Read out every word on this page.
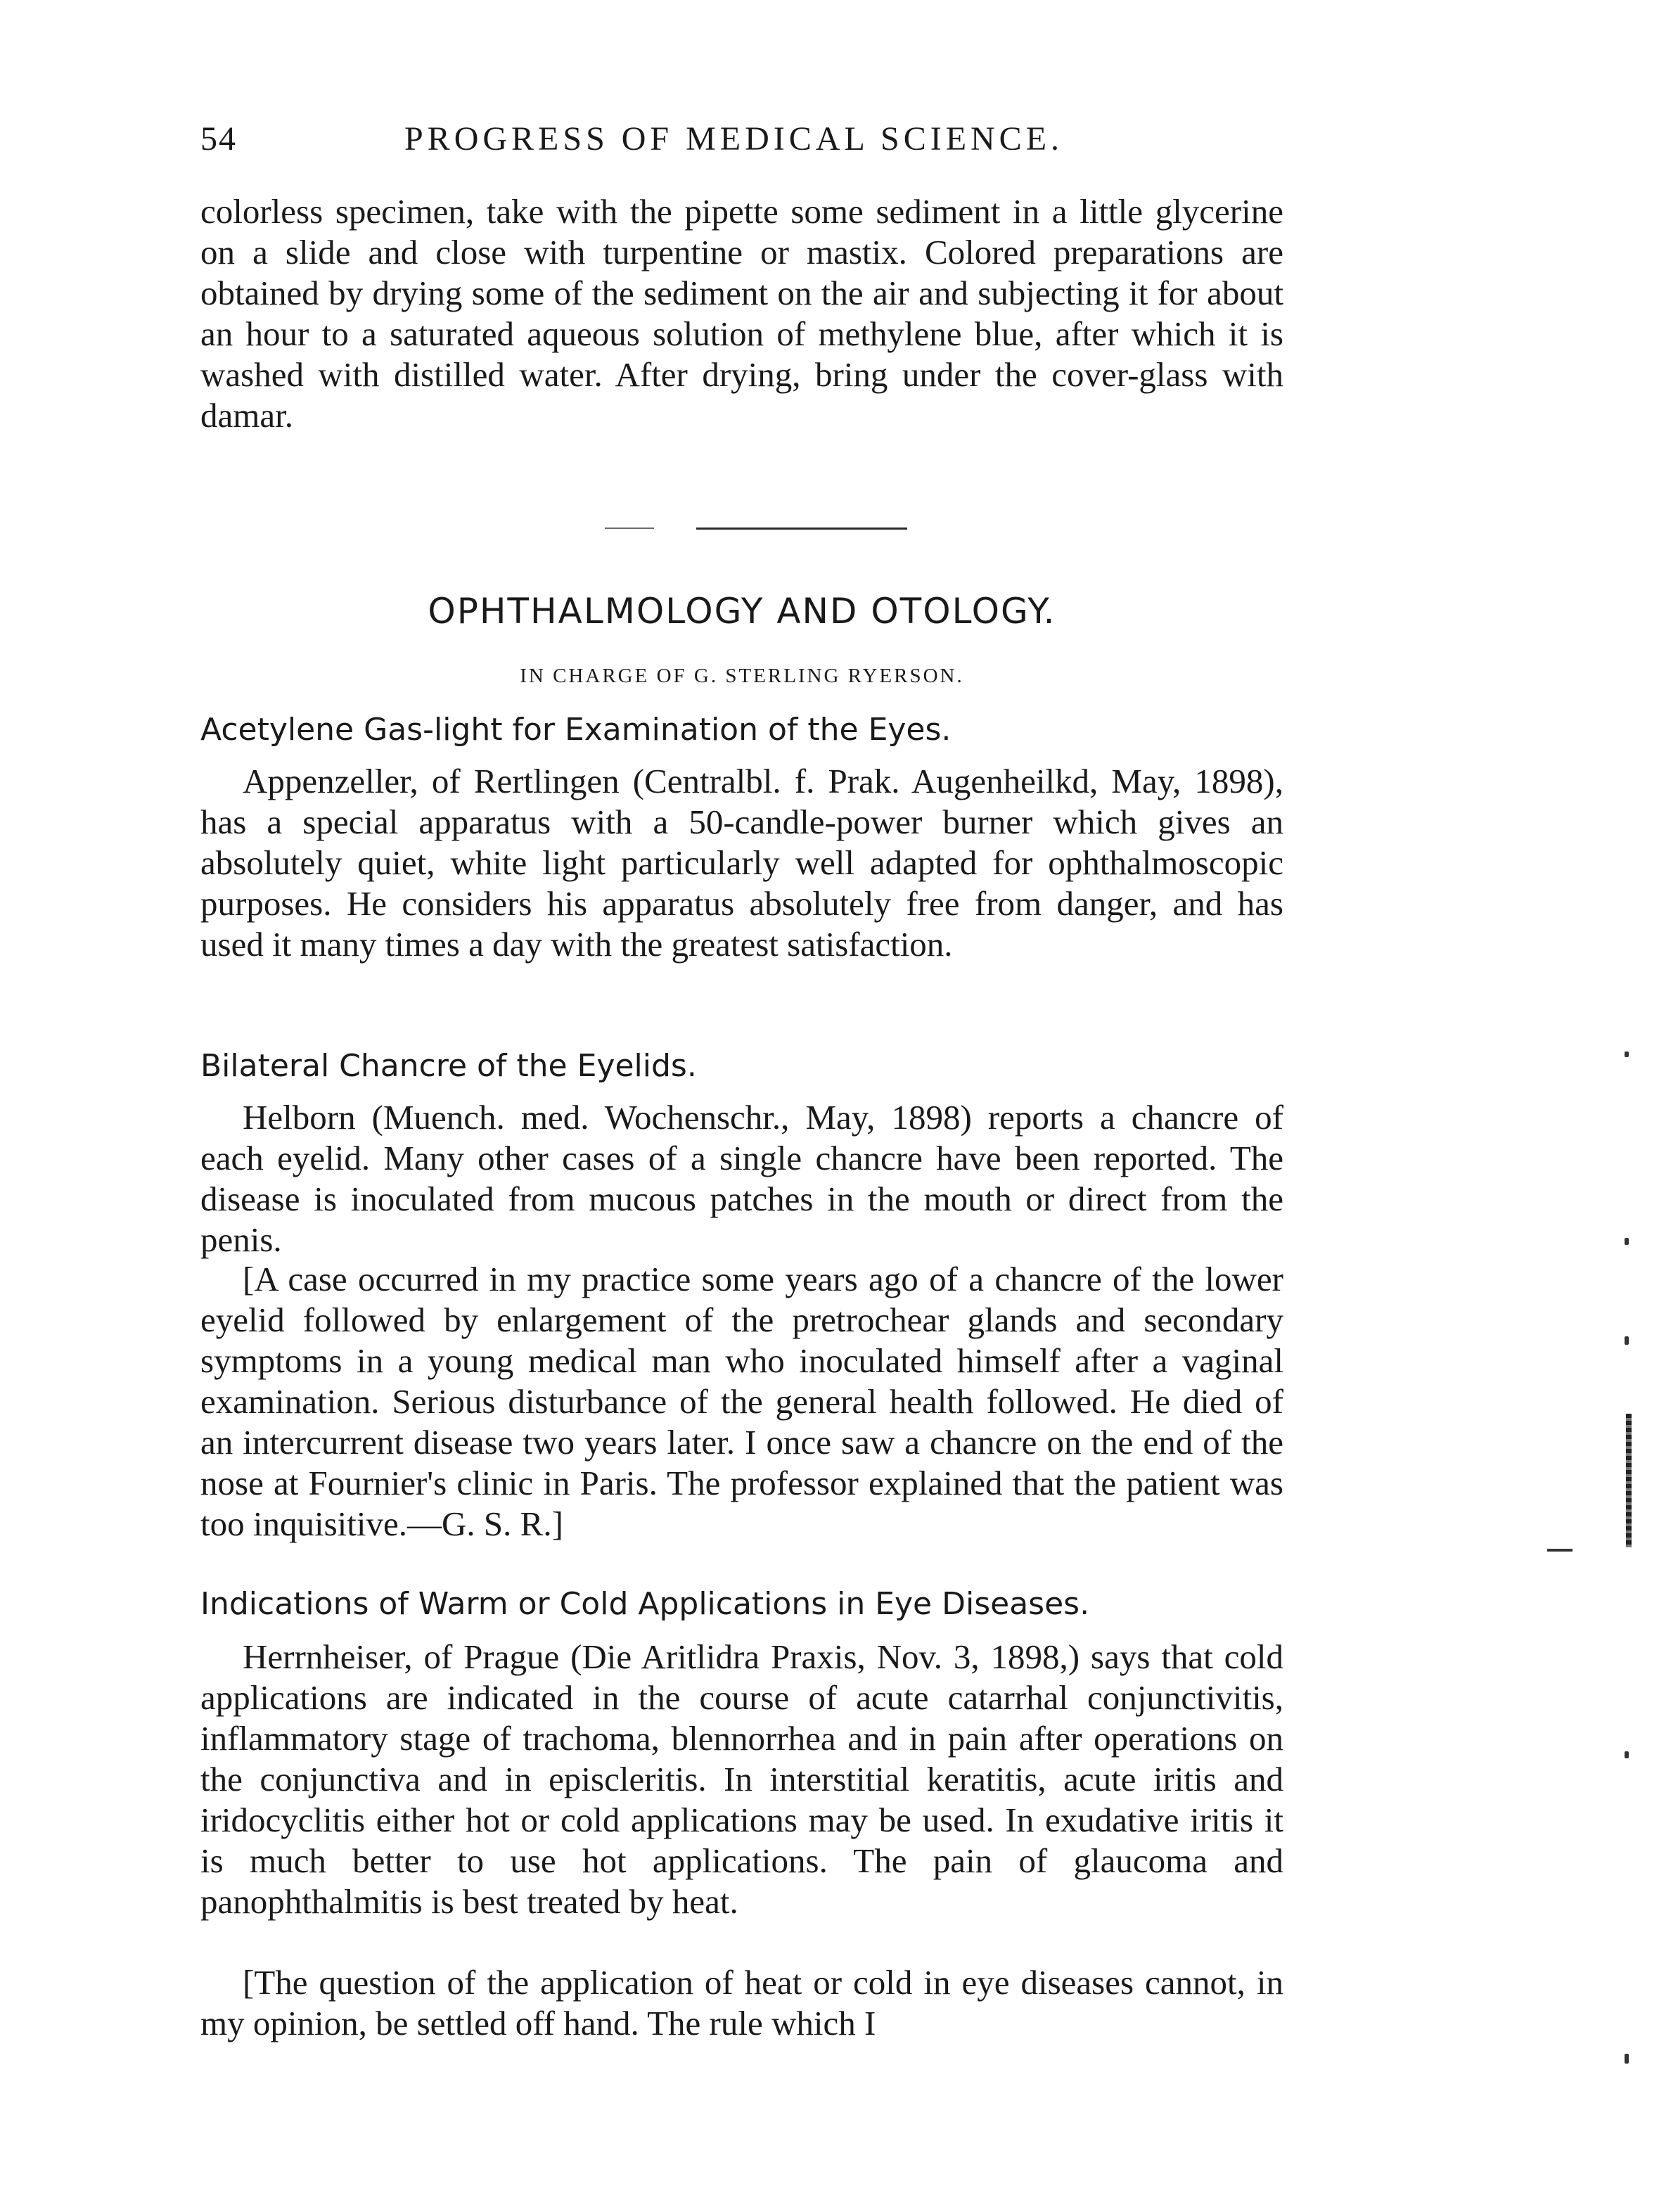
54	PROGRESS OF MEDICAL SCIENCE.

colorless specimen, take with the pipette some sediment in a little glycerine on a slide and close with turpentine or mastix. Colored preparations are obtained by drying some of the sediment on the air and subjecting it for about an hour to a saturated aqueous solution of methylene blue, after which it is washed with distilled water. After drying, bring under the cover-glass with damar.

OPHTHALMOLOGY AND OTOLOGY.

IN CHARGE OF G. STERLING RYERSON.

Acetylene Gas-light for Examination of the Eyes.

Appenzeller, of Rertlingen (Centralbl. f. Prak. Augenheilkd, May, 1898), has a special apparatus with a 50-candle-power burner which gives an absolutely quiet, white light particularly well adapted for ophthalmoscopic purposes. He considers his apparatus absolutely free from danger, and has used it many times a day with the greatest satisfaction.

Bilateral Chancre of the Eyelids.

Helborn (Muench. med. Wochenschr., May, 1898) reports a chancre of each eyelid. Many other cases of a single chancre have been reported. The disease is inoculated from mucous patches in the mouth or direct from the penis.

[A case occurred in my practice some years ago of a chancre of the lower eyelid followed by enlargement of the pretrochear glands and secondary symptoms in a young medical man who inoculated himself after a vaginal examination. Serious disturbance of the general health followed. He died of an intercurrent disease two years later. I once saw a chancre on the end of the nose at Fournier's clinic in Paris. The professor explained that the patient was too inquisitive.—G. S. R.]

Indications of Warm or Cold Applications in Eye Diseases.

Herrnheiser, of Prague (Die Aritlidra Praxis, Nov. 3, 1898,) says that cold applications are indicated in the course of acute catarrhal conjunctivitis, inflammatory stage of trachoma, blennorrhea and in pain after operations on the conjunctiva and in episcleritis. In interstitial keratitis, acute iritis and iridocyclitis either hot or cold applications may be used. In exudative iritis it is much better to use hot applications. The pain of glaucoma and panophthalmitis is best treated by heat.

[The question of the application of heat or cold in eye diseases cannot, in my opinion, be settled off hand. The rule which I
